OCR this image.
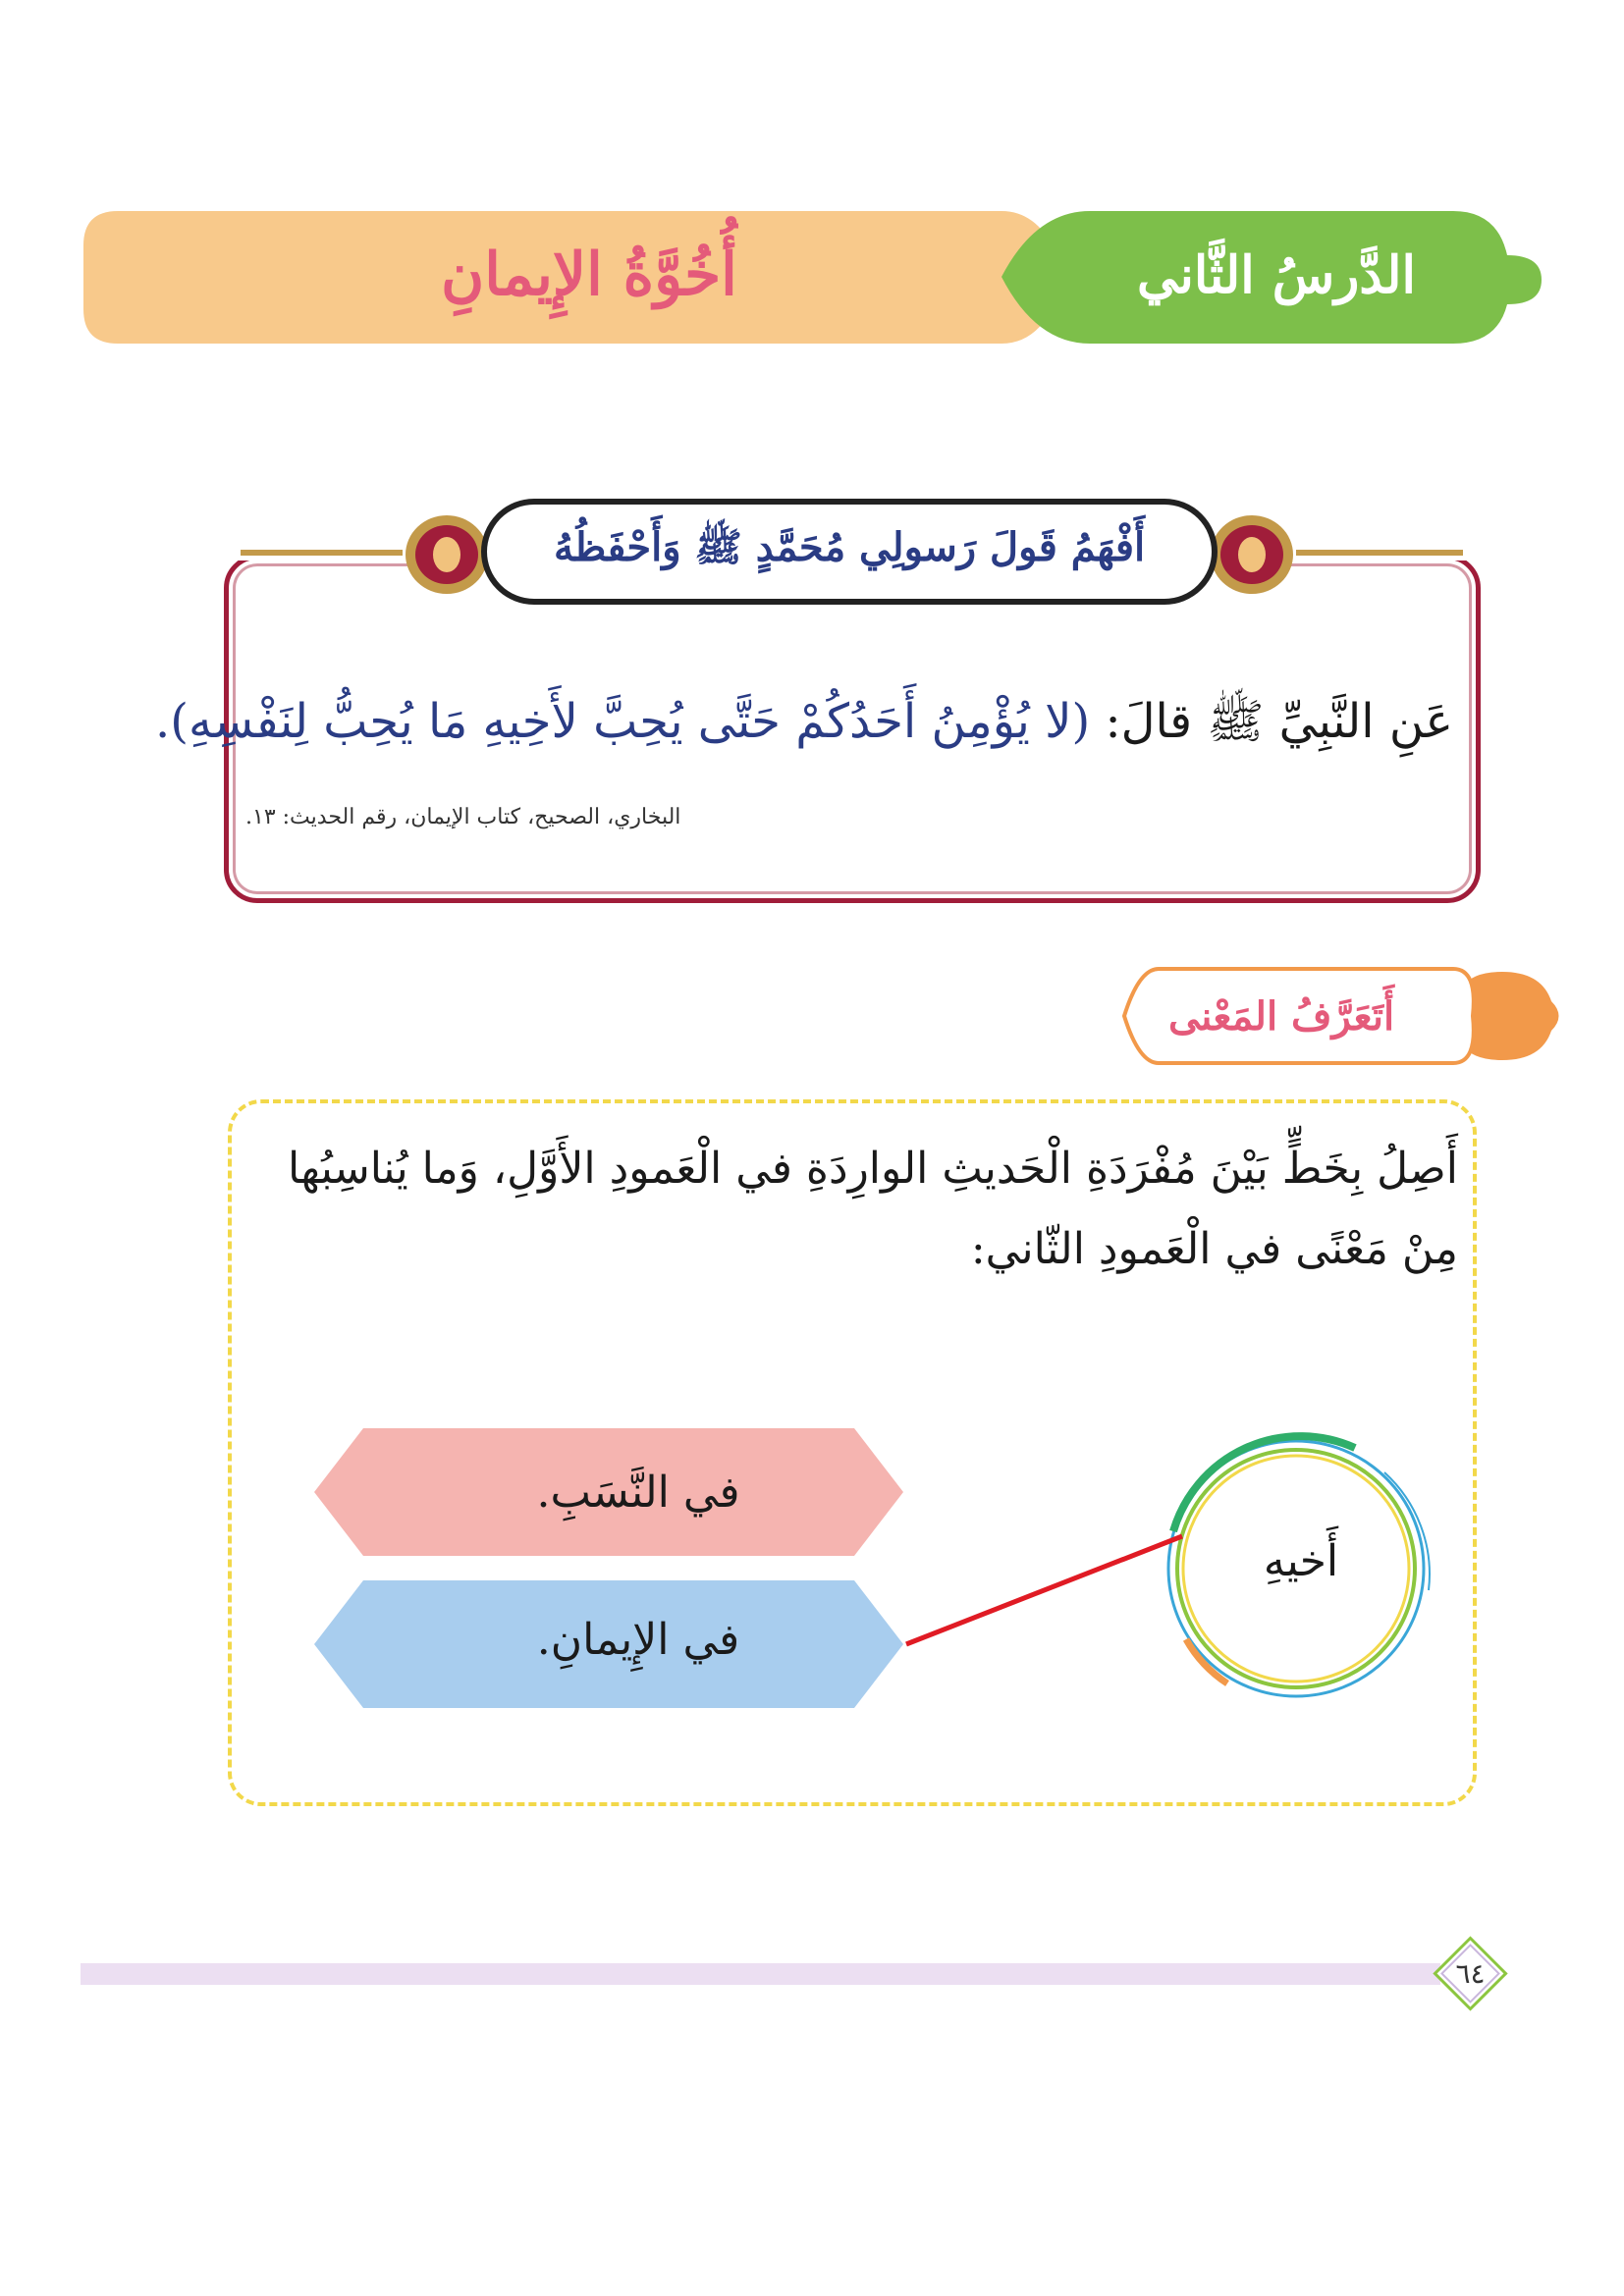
أُخُوَّةُ الإِيمانِ	الدَّرسُ الثَّاني
أَفْهَمُ قَولَ رَسولِي مُحَمَّدٍ ﷺ وَأَحْفَظُهُ
عَنِ النَّبِيِّ ﷺ قالَ: (لا يُؤْمِنُ أَحَدُكُمْ حَتَّى يُحِبَّ لأَخِيهِ مَا يُحِبُّ لِنَفْسِهِ).
البخاري، الصحيح، كتاب الإيمان، رقم الحديث: ١٣.
أَتَعَرَّفُ المَعْنى
أَصِلُ بِخَطٍّ بَيْنَ مُفْرَدَةِ الْحَديثِ الوارِدَةِ في الْعَمودِ الأَوَّلِ، وَما يُناسِبُها مِنْ مَعْنًى في الْعَمودِ الثّاني:
في النَّسَبِ.
في الإِيمانِ.
أَخيهِ
٦٤
